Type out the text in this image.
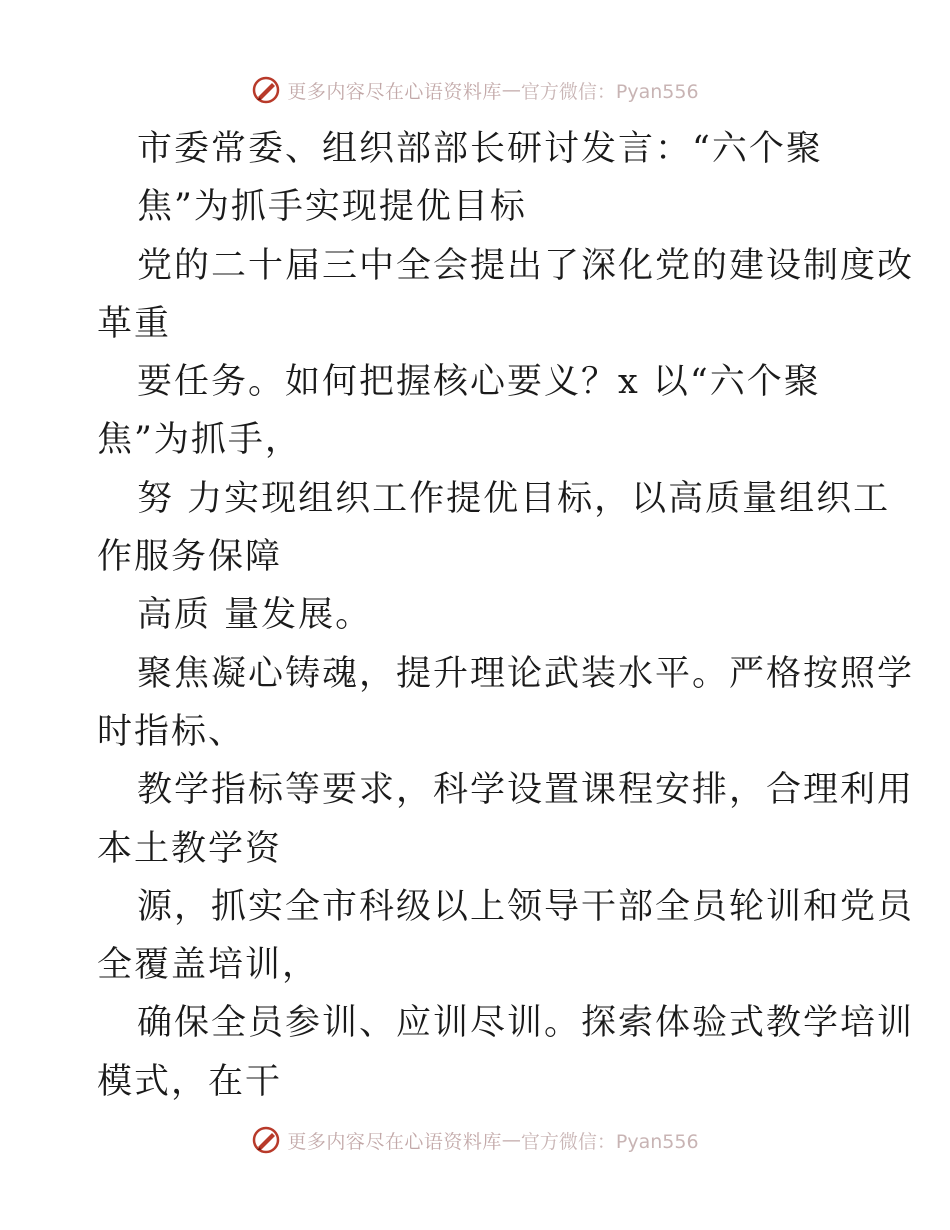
更多内容尽在心语资料库 — 官方微信：Pyan556
市委常委、组织部部长研讨发言：“六个聚
焦”为抓手实现提优目标
党的二十届三中全会提出了深化党的建设制度改
革重
要任务。如何把握核心要义？x 以“六个聚
焦”为抓手，
努 力实现组织工作提优目标，以高质量组织工
作服务保障
高质 量发展。
聚焦凝心铸魂，提升理论武装水平。严格按照学
时指标、
教学指标等要求，科学设置课程安排，合理利用
本土教学资
源，抓实全市科级以上领导干部全员轮训和党员
全覆盖培训，
确保全员参训、应训尽训。探索体验式教学培训
模式，在干
更多内容尽在心语资料库 — 官方微信：Pyan556
